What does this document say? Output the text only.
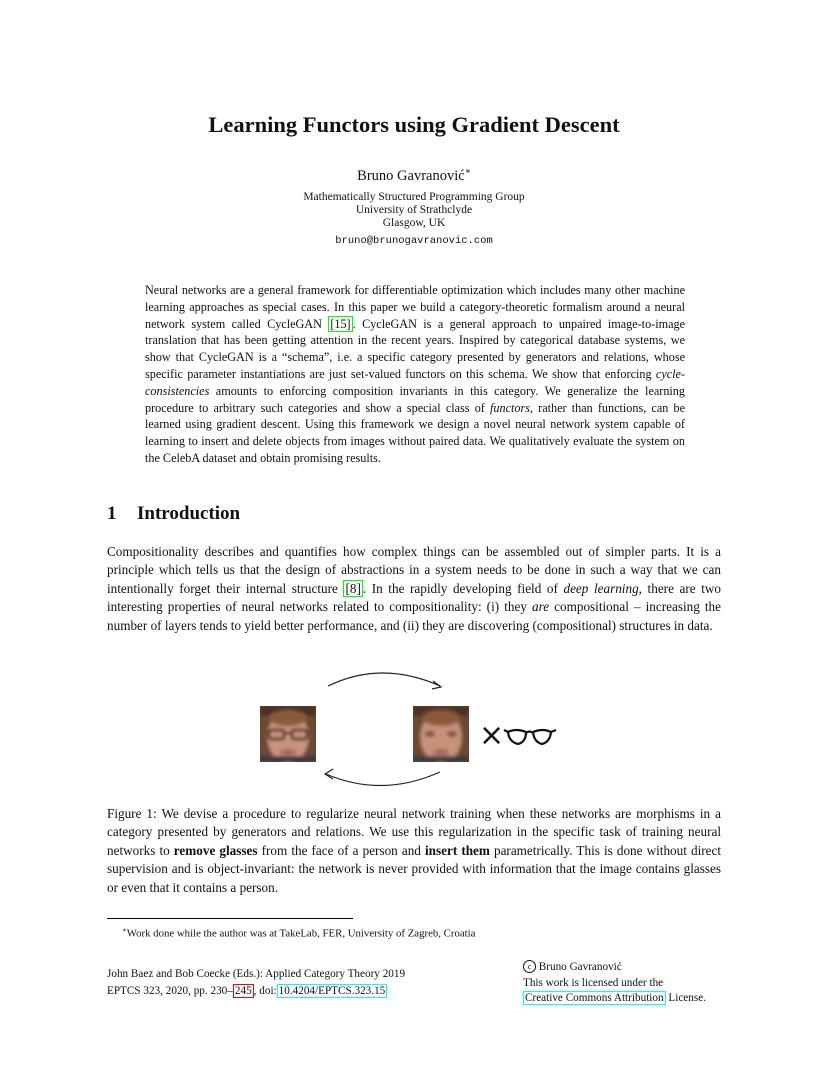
Learning Functors using Gradient Descent
Bruno Gavranović∗
Mathematically Structured Programming Group
University of Strathclyde
Glasgow, UK
bruno@brunogavranovic.com
Neural networks are a general framework for differentiable optimization which includes many other machine learning approaches as special cases. In this paper we build a category-theoretic formalism around a neural network system called CycleGAN [15] . CycleGAN is a general approach to unpaired image-to-image translation that has been getting attention in the recent years. Inspired by categorical database systems, we show that CycleGAN is a “schema”, i.e. a specific category presented by generators and relations, whose specific parameter instantiations are just set-valued functors on this schema. We show that enforcing cycle-consistencies amounts to enforcing composition invariants in this category. We generalize the learning procedure to arbitrary such categories and show a special class of functors, rather than functions, can be learned using gradient descent. Using this framework we design a novel neural network system capable of learning to insert and delete objects from images without paired data. We qualitatively evaluate the system on the CelebA dataset and obtain promising results.
1 Introduction
Compositionality describes and quantifies how complex things can be assembled out of simpler parts. It is a principle which tells us that the design of abstractions in a system needs to be done in such a way that we can intentionally forget their internal structure [8] . In the rapidly developing field of deep learning, there are two interesting properties of neural networks related to compositionality: (i) they are compositional – increasing the number of layers tends to yield better performance, and (ii) they are discovering (compositional) structures in data.
×
Figure 1: We devise a procedure to regularize neural network training when these networks are morphisms in a category presented by generators and relations. We use this regularization in the specific task of training neural networks to remove glasses from the face of a person and insert them parametrically. This is done without direct supervision and is object-invariant: the network is never provided with information that the image contains glasses or even that it contains a person.
∗Work done while the author was at TakeLab, FER, University of Zagreb, Croatia
John Baez and Bob Coecke (Eds.): Applied Category Theory 2019
EPTCS 323, 2020, pp. 230– 245 , doi: 10.4204/EPTCS.323.15
c Bruno Gavranović
This work is licensed under the
Creative Commons Attribution License.
